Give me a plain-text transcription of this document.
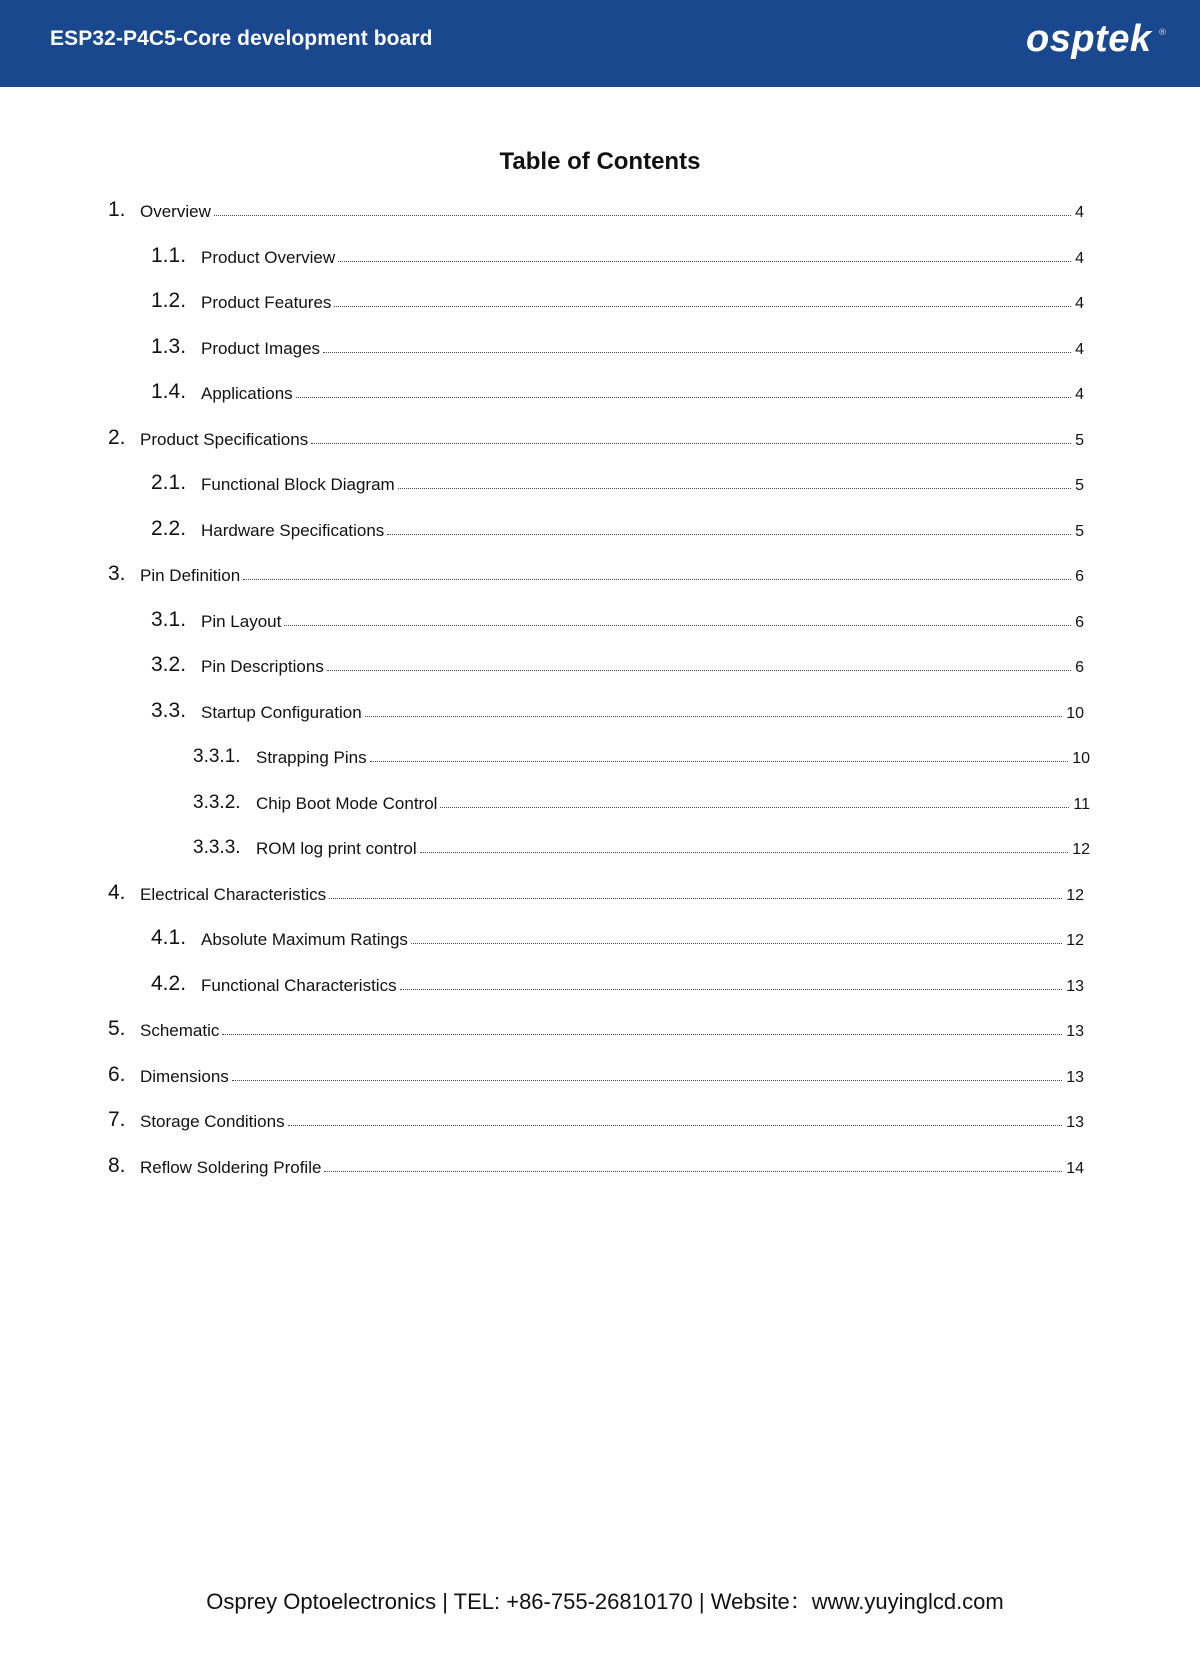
ESP32-P4C5-Core development board	osptek ®
Table of Contents
1. Overview	4
1.1. Product Overview	4
1.2. Product Features	4
1.3. Product Images	4
1.4. Applications	4
2. Product Specifications	5
2.1. Functional Block Diagram	5
2.2. Hardware Specifications	5
3. Pin Definition	6
3.1. Pin Layout	6
3.2. Pin Descriptions	6
3.3. Startup Configuration	10
3.3.1. Strapping Pins	10
3.3.2. Chip Boot Mode Control	11
3.3.3. ROM log print control	12
4. Electrical Characteristics	12
4.1. Absolute Maximum Ratings	12
4.2. Functional Characteristics	13
5. Schematic	13
6. Dimensions	13
7. Storage Conditions	13
8. Reflow Soldering Profile	14
Osprey Optoelectronics | TEL: +86-755-26810170 | Website：www.yuyinglcd.com
